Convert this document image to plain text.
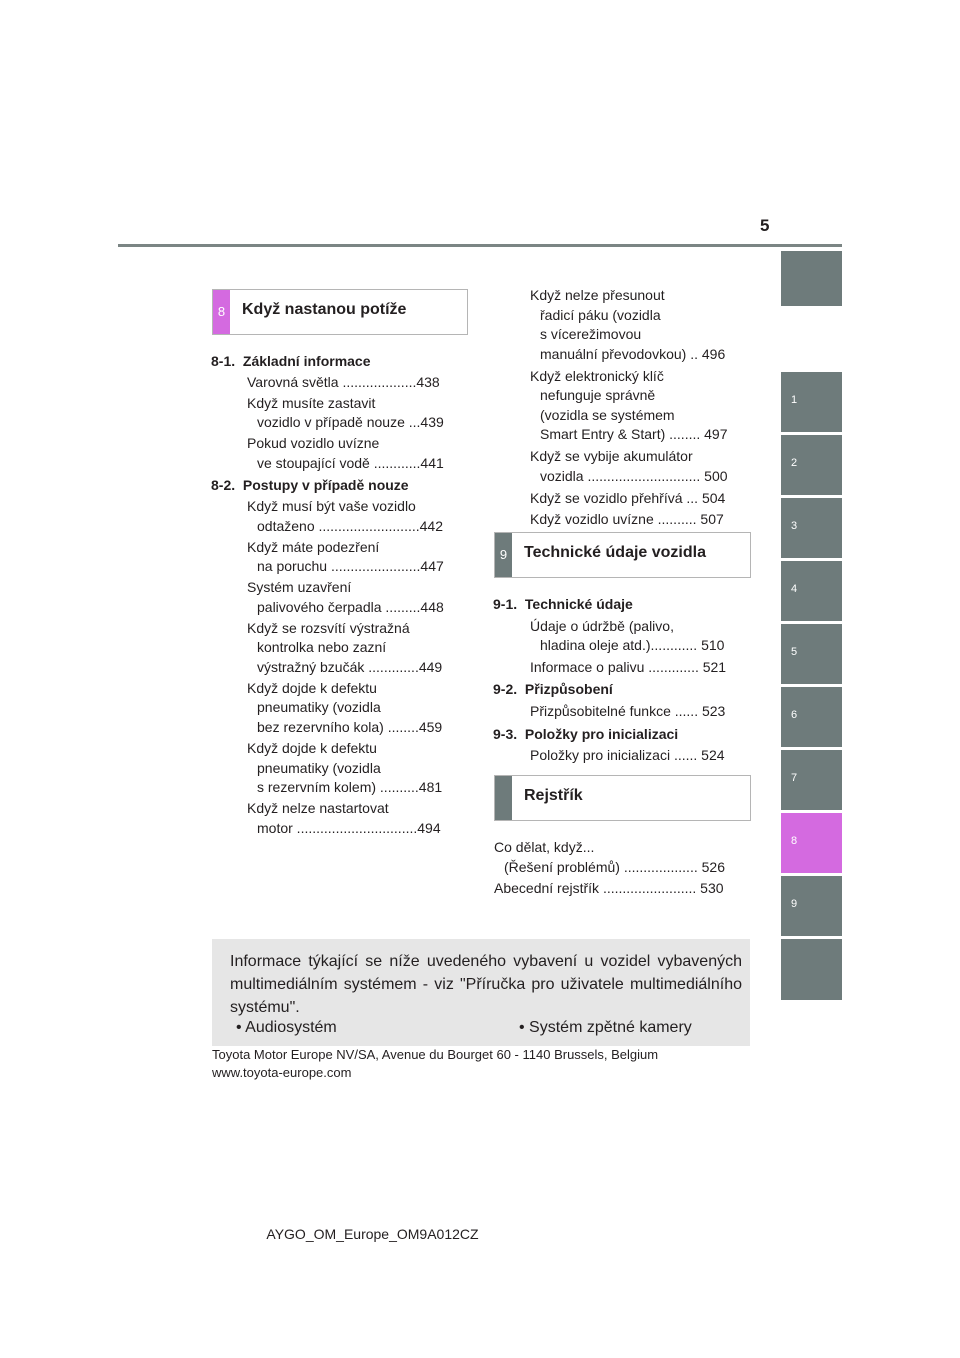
5
1
2
3
4
5
6
7
8
9
8	Když nastanou potíže
8-1.  Základní informace
Varovná světla ...................438
Když musíte zastavit
vozidlo v případě nouze ...439
Pokud vozidlo uvízne
ve stoupající vodě ............441
8-2.  Postupy v případě nouze
Když musí být vaše vozidlo
odtaženo ..........................442
Když máte podezření
na poruchu .......................447
Systém uzavření
palivového čerpadla .........448
Když se rozsvítí výstražná
kontrolka nebo zazní
výstražný bzučák .............449
Když dojde k defektu
pneumatiky (vozidla
bez rezervního kola) ........459
Když dojde k defektu
pneumatiky (vozidla
s rezervním kolem) ..........481
Když nelze nastartovat
motor ...............................494
Když nelze přesunout
řadicí páku (vozidla
s vícerežimovou
manuální převodovkou) .. 496
Když elektronický klíč
nefunguje správně
(vozidla se systémem
Smart Entry & Start) ........ 497
Když se vybije akumulátor
vozidla ............................. 500
Když se vozidlo přehřívá ... 504
Když vozidlo uvízne .......... 507
9	Technické údaje vozidla
9-1.  Technické údaje
Údaje o údržbě (palivo,
hladina oleje atd.)............ 510
Informace o palivu ............. 521
9-2.  Přizpůsobení
Přizpůsobitelné funkce ...... 523
9-3.  Položky pro inicializaci
Položky pro inicializaci ...... 524
Rejstřík
Co dělat, když...
(Řešení problémů) ................... 526
Abecední rejstřík ........................ 530
Informace týkající se níže uvedeného vybavení u vozidel vybavených multimediálním systémem - viz "Příručka pro uživatele multimediálního systému".
• Audiosystém	• Systém zpětné kamery
Toyota Motor Europe NV/SA, Avenue du Bourget 60 - 1140 Brussels, Belgium
www.toyota-europe.com
AYGO_OM_Europe_OM9A012CZ
